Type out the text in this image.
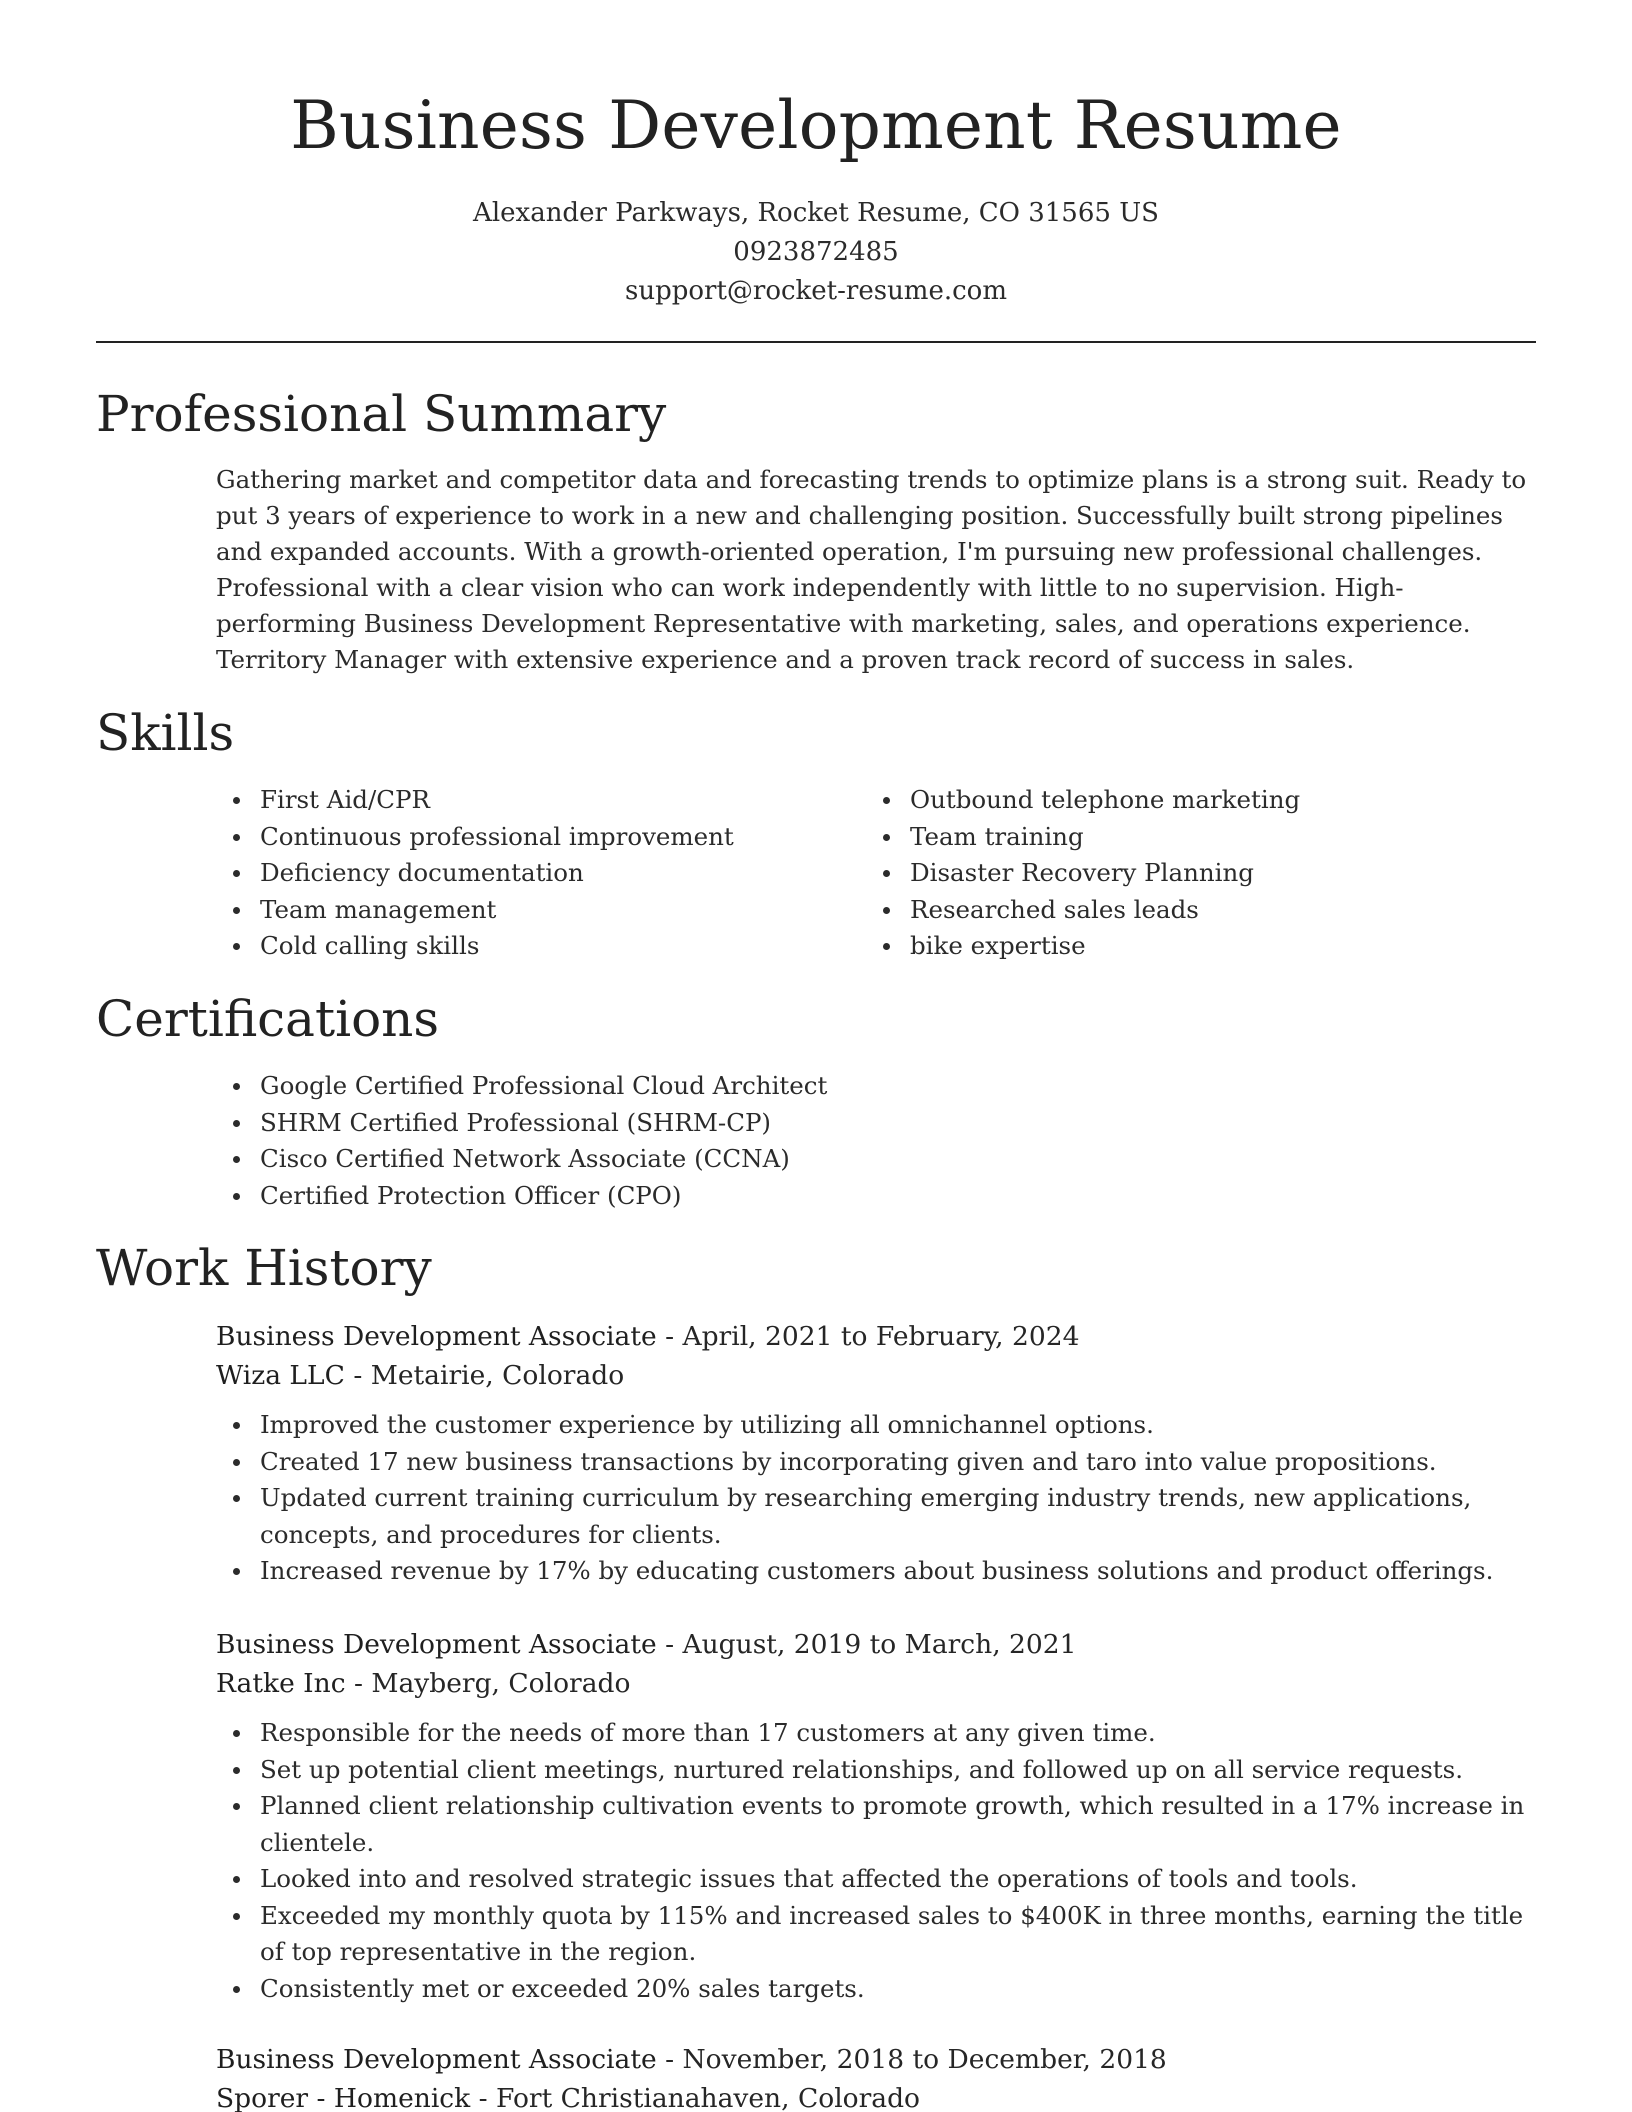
Business Development Resume
Alexander Parkways, Rocket Resume, CO 31565 US
0923872485
support@rocket-resume.com
Professional Summary

Gathering market and competitor data and forecasting trends to optimize plans is a strong suit. Ready to put 3 years of experience to work in a new and challenging position. Successfully built strong pipelines and expanded accounts. With a growth-oriented operation, I'm pursuing new professional challenges. Professional with a clear vision who can work independently with little to no supervision. High-performing Business Development Representative with marketing, sales, and operations experience. Territory Manager with extensive experience and a proven track record of success in sales.

Skills
First Aid/CPR
Continuous professional improvement
Deficiency documentation
Team management
Cold calling skills
Outbound telephone marketing
Team training
Disaster Recovery Planning
Researched sales leads
bike expertise
Certifications
Google Certified Professional Cloud Architect
SHRM Certified Professional (SHRM-CP)
Cisco Certified Network Associate (CCNA)
Certified Protection Officer (CPO)
Work History
Business Development Associate - April, 2021 to February, 2024
Wiza LLC - Metairie, Colorado
Improved the customer experience by utilizing all omnichannel options.
Created 17 new business transactions by incorporating given and taro into value propositions.
Updated current training curriculum by researching emerging industry trends, new applications, concepts, and procedures for clients.
Increased revenue by 17% by educating customers about business solutions and product offerings.
Business Development Associate - August, 2019 to March, 2021
Ratke Inc - Mayberg, Colorado
Responsible for the needs of more than 17 customers at any given time.
Set up potential client meetings, nurtured relationships, and followed up on all service requests.
Planned client relationship cultivation events to promote growth, which resulted in a 17% increase in clientele.
Looked into and resolved strategic issues that affected the operations of tools and tools.
Exceeded my monthly quota by 115% and increased sales to $400K in three months, earning the title of top representative in the region.
Consistently met or exceeded 20% sales targets.
Business Development Associate - November, 2018 to December, 2018
Sporer - Homenick - Fort Christianahaven, Colorado
